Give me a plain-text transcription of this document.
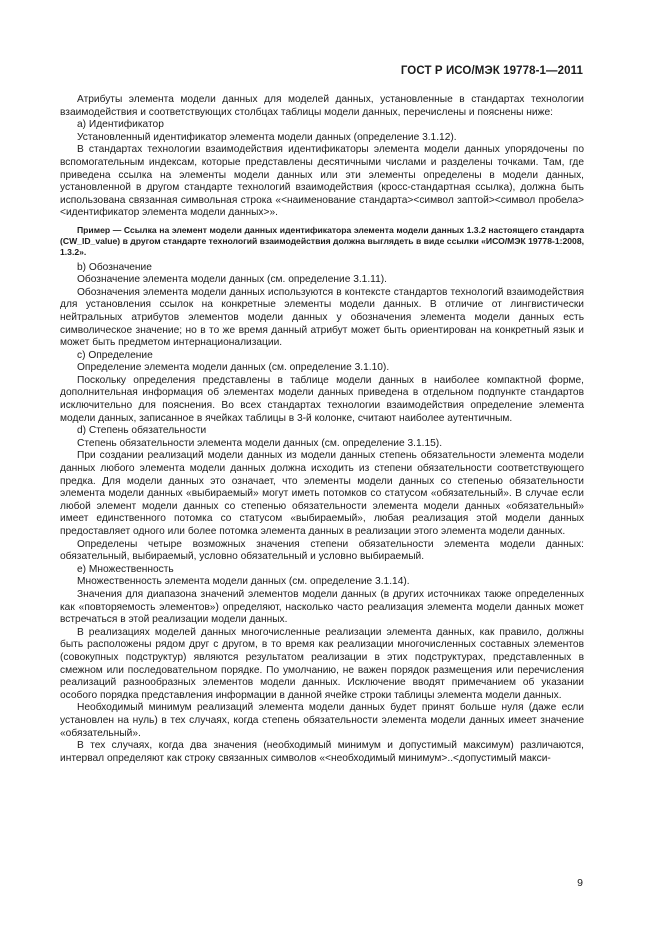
ГОСТ Р ИСО/МЭК 19778-1—2011

Атрибуты элемента модели данных для моделей данных, установленные в стандартах технологии взаимодействия и соответствующих столбцах таблицы модели данных, перечислены и пояснены ниже:

a) Идентификатор

Установленный идентификатор элемента модели данных (определение 3.1.12).

В стандартах технологии взаимодействия идентификаторы элемента модели данных упорядочены по вспомогательным индексам, которые представлены десятичными числами и разделены точками. Там, где приведена ссылка на элементы модели данных или эти элементы определены в модели данных, установленной в другом стандарте технологий взаимодействия (кросс-стандартная ссылка), должна быть использована связанная символьная строка «<наименование стандарта><символ заптой><символ пробела><идентификатор элемента модели данных>».

Пример — Ссылка на элемент модели данных идентификатора элемента модели данных 1.3.2 настоящего стандарта (CW_ID_value) в другом стандарте технологий взаимодействия должна выглядеть в виде ссылки «ИСО/МЭК 19778-1:2008, 1.3.2».

b) Обозначение

Обозначение элемента модели данных (см. определение 3.1.11).

Обозначения элемента модели данных используются в контексте стандартов технологий взаимодействия для установления ссылок на конкретные элементы модели данных. В отличие от лингвистически нейтральных атрибутов элементов модели данных у обозначения элемента модели данных есть символическое значение; но в то же время данный атрибут может быть ориентирован на конкретный язык и может быть предметом интернационализации.

c) Определение

Определение элемента модели данных (см. определение 3.1.10).

Поскольку определения представлены в таблице модели данных в наиболее компактной форме, дополнительная информация об элементах модели данных приведена в отдельном подпункте стандартов исключительно для пояснения. Во всех стандартах технологии взаимодействия определение элемента модели данных, записанное в ячейках таблицы в 3-й колонке, считают наиболее аутентичным.

d) Степень обязательности

Степень обязательности элемента модели данных (см. определение 3.1.15).

При создании реализаций модели данных из модели данных степень обязательности элемента модели данных любого элемента модели данных должна исходить из степени обязательности соответствующего предка. Для модели данных это означает, что элементы модели данных со степенью обязательности элемента модели данных «выбираемый» могут иметь потомков со статусом «обязательный». В случае если любой элемент модели данных со степенью обязательности элемента модели данных «обязательный» имеет единственного потомка со статусом «выбираемый», любая реализация этой модели данных предоставляет одного или более потомка элемента данных в реализации этого элемента модели данных.

Определены четыре возможных значения степени обязательности элемента модели данных: обязательный, выбираемый, условно обязательный и условно выбираемый.

e) Множественность

Множественность элемента модели данных (см. определение 3.1.14).

Значения для диапазона значений элементов модели данных (в других источниках также определенных как «повторяемость элементов») определяют, насколько часто реализация элемента модели данных может встречаться в этой реализации модели данных.

В реализациях моделей данных многочисленные реализации элемента данных, как правило, должны быть расположены рядом друг с другом, в то время как реализации многочисленных составных элементов (совокупных подструктур) являются результатом реализации в этих подструктурах, представленных в смежном или последовательном порядке. По умолчанию, не важен порядок размещения или перечисления реализаций разнообразных элементов модели данных. Исключение вводят примечанием об указании особого порядка представления информации в данной ячейке строки таблицы элемента модели данных.

Необходимый минимум реализаций элемента модели данных будет принят больше нуля (даже если установлен на нуль) в тех случаях, когда степень обязательности элемента модели данных имеет значение «обязательный».

В тех случаях, когда два значения (необходимый минимум и допустимый максимум) различаются, интервал определяют как строку связанных символов «<необходимый минимум>..<допустимый макси-

9
